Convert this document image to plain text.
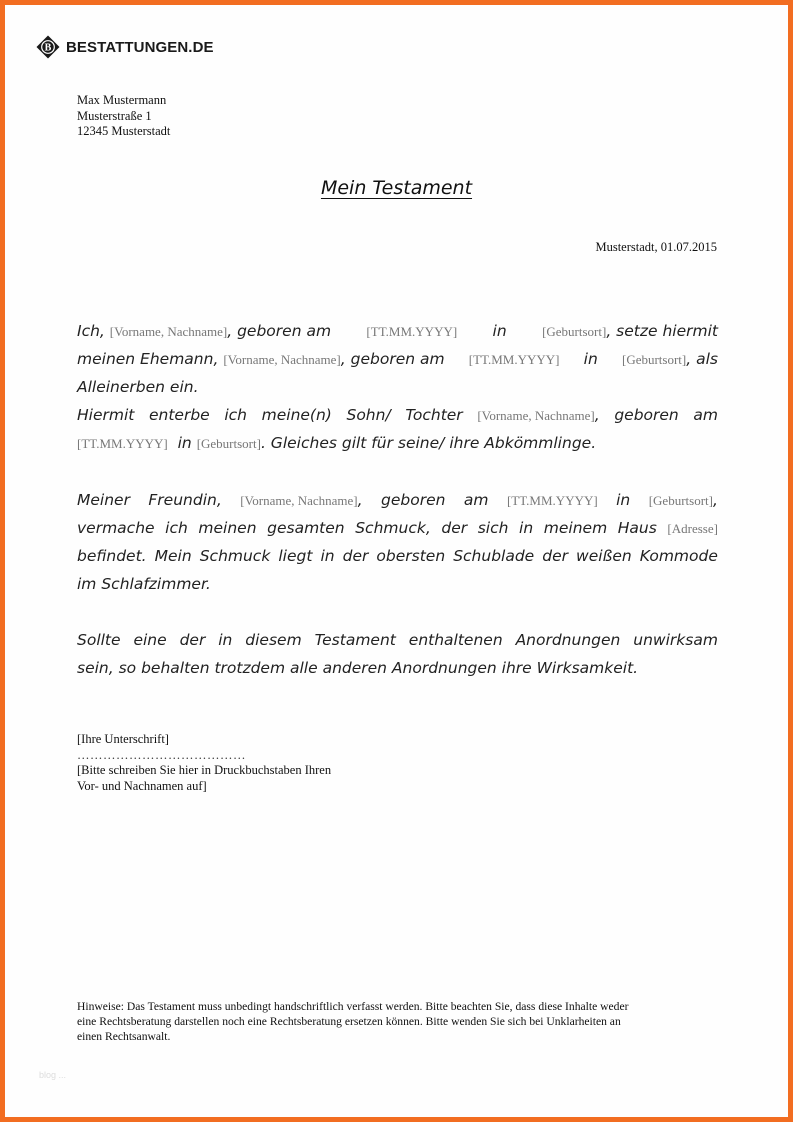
B BESTATTUNGEN.DE
Max Mustermann
Musterstraße 1
12345 Musterstadt
Mein Testament
Musterstadt, 01.07.2015
Ich, [Vorname, Nachname], geboren am	[TT.MM.YYYY] in	[Geburtsort], setze hiermit
meinen Ehemann, [Vorname, Nachname], geboren am [TT.MM.YYYY] in [Geburtsort], als
Alleinerben ein.
Hiermit enterbe ich meine(n) Sohn/ Tochter [Vorname, Nachname], geboren am
[TT.MM.YYYY] in [Geburtsort]. Gleiches gilt für seine/ ihre Abkömmlinge.
Meiner Freundin, [Vorname, Nachname], geboren am [TT.MM.YYYY] in [Geburtsort],
vermache ich meinen gesamten Schmuck, der sich in meinem Haus [Adresse]
befindet. Mein Schmuck liegt in der obersten Schublade der weißen Kommode
im Schlafzimmer.
Sollte eine der in diesem Testament enthaltenen Anordnungen unwirksam
sein, so behalten trotzdem alle anderen Anordnungen ihre Wirksamkeit.
[Ihre Unterschrift]
…………………………………
[Bitte schreiben Sie hier in Druckbuchstaben Ihren
Vor- und Nachnamen auf]
Hinweise: Das Testament muss unbedingt handschriftlich verfasst werden. Bitte beachten Sie, dass diese Inhalte weder
eine Rechtsberatung darstellen noch eine Rechtsberatung ersetzen können. Bitte wenden Sie sich bei Unklarheiten an
einen Rechtsanwalt.
blog ...
